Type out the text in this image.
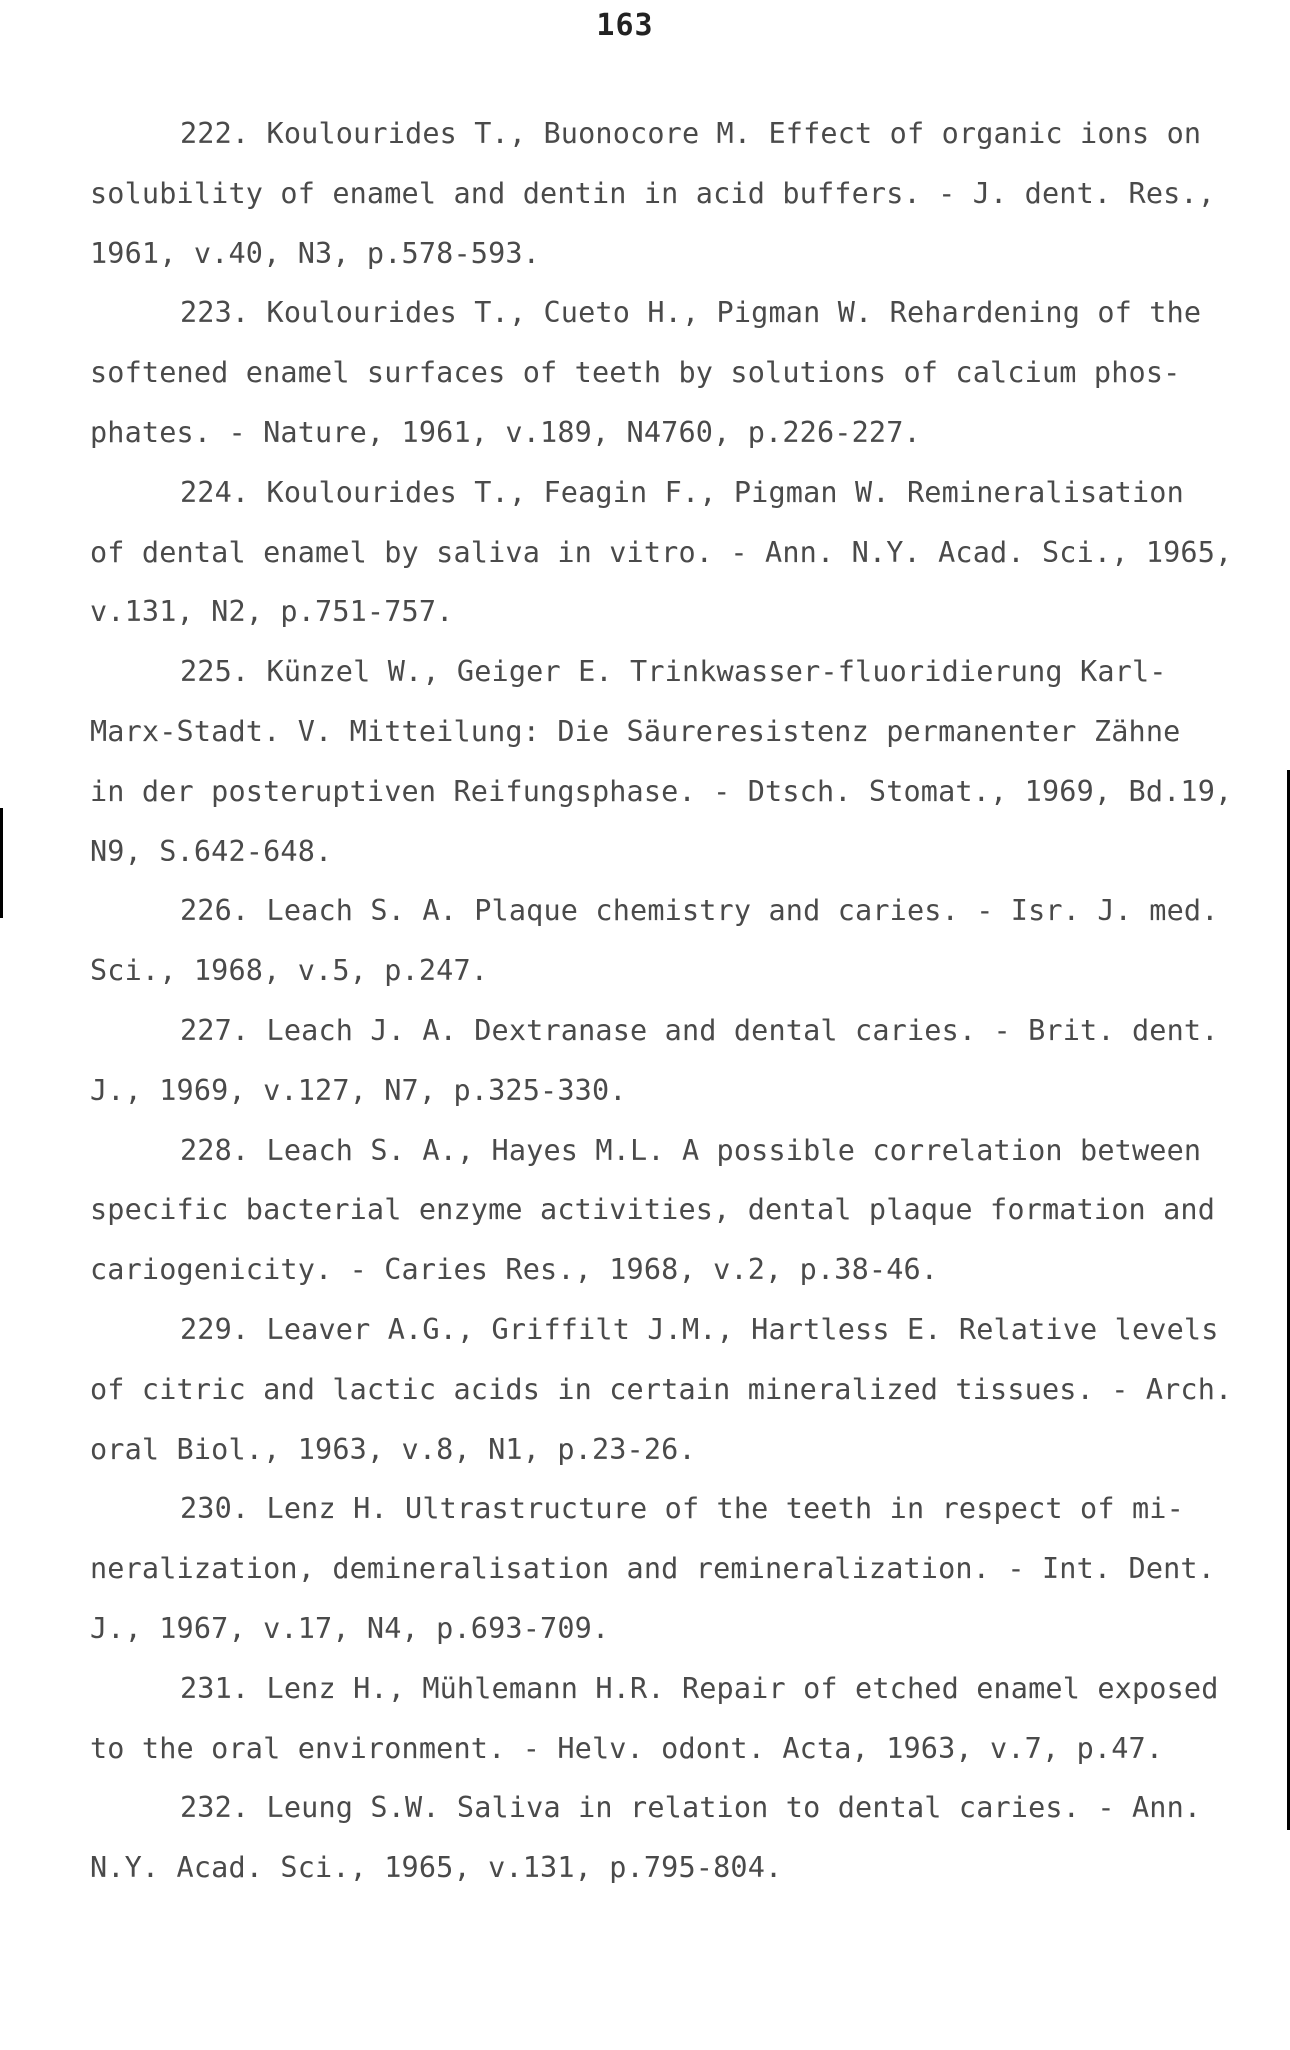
163
222. Koulourides T., Buonocore M. Effect of organic ions on
solubility of enamel and dentin in acid buffers. - J. dent. Res.,
1961, v.40, N3, p.578-593.
223. Koulourides T., Cueto H., Pigman W. Rehardening of the
softened enamel surfaces of teeth by solutions of calcium phos-
phates. - Nature, 1961, v.189, N4760, p.226-227.
224. Koulourides T., Feagin F., Pigman W. Remineralisation
of dental enamel by saliva in vitro. - Ann. N.Y. Acad. Sci., 1965,
v.131, N2, p.751-757.
225. Künzel W., Geiger E. Trinkwasser-fluoridierung Karl-
Marx-Stadt. V. Mitteilung: Die Säureresistenz permanenter Zähne
in der posteruptiven Reifungsphase. - Dtsch. Stomat., 1969, Bd.19,
N9, S.642-648.
226. Leach S. A. Plaque chemistry and caries. - Isr. J. med.
Sci., 1968, v.5, p.247.
227. Leach J. A. Dextranase and dental caries. - Brit. dent.
J., 1969, v.127, N7, p.325-330.
228. Leach S. A., Hayes M.L. A possible correlation between
specific bacterial enzyme activities, dental plaque formation and
cariogenicity. - Caries Res., 1968, v.2, p.38-46.
229. Leaver A.G., Griffilt J.M., Hartless E. Relative levels
of citric and lactic acids in certain mineralized tissues. - Arch.
oral Biol., 1963, v.8, N1, p.23-26.
230. Lenz H. Ultrastructure of the teeth in respect of mi-
neralization, demineralisation and remineralization. - Int. Dent.
J., 1967, v.17, N4, p.693-709.
231. Lenz H., Mühlemann H.R. Repair of etched enamel exposed
to the oral environment. - Helv. odont. Acta, 1963, v.7, p.47.
232. Leung S.W. Saliva in relation to dental caries. - Ann.
N.Y. Acad. Sci., 1965, v.131, p.795-804.
